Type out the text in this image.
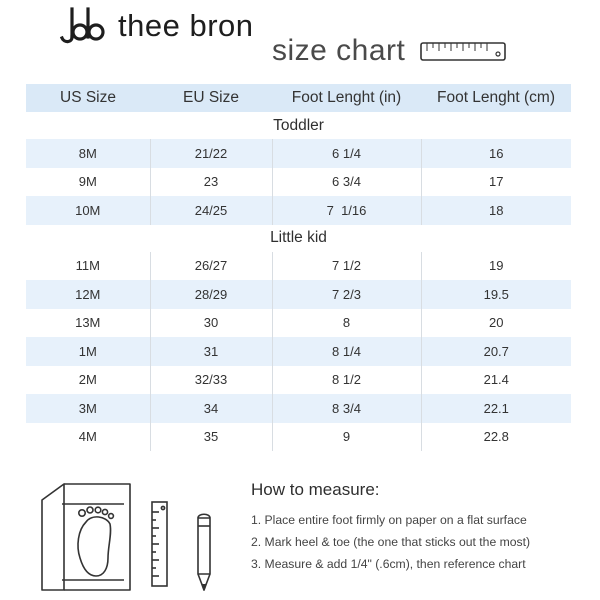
thee bron
size chart
US Size	EU Size	Foot Lenght (in)	Foot Lenght (cm)
Toddler			
8M	21/22	6 1/4	16
9M	23	6 3/4	17
10M	24/25	7  1/16	18
Little kid			
11M	26/27	7 1/2	19
12M	28/29	7 2/3	19.5
13M	30	8	20
1M	31	8 1/4	20.7
2M	32/33	8 1/2	21.4
3M	34	8 3/4	22.1
4M	35	9	22.8
How to measure:
1. Place entire foot firmly on paper on a flat surface
2. Mark heel & toe (the one that sticks out the most)
3. Measure & add 1/4" (.6cm), then reference chart
